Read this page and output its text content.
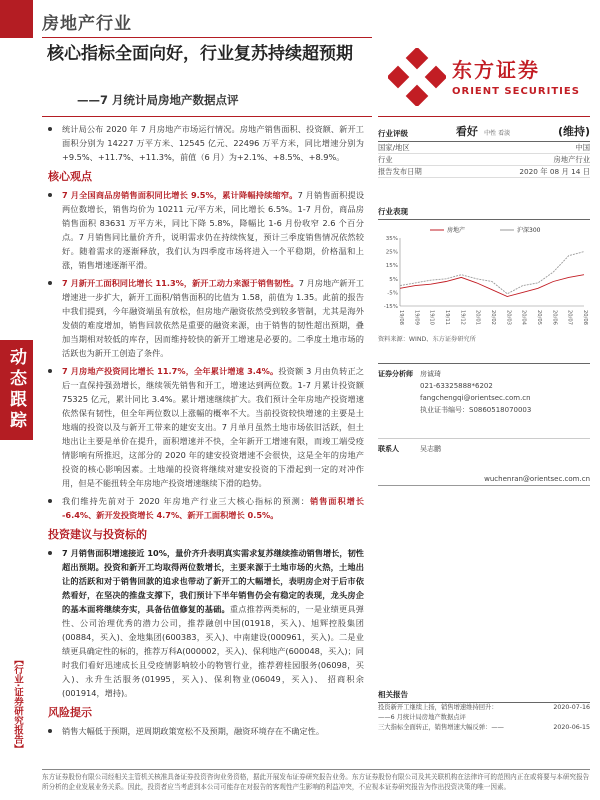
动态跟踪
【行业·证券研究报告】
房地产行业
核心指标全面向好，行业复苏持续超预期
——7 月统计局房地产数据点评
东方证券
ORIENT SECURITIES
统计局公布 2020 年 7 月房地产市场运行情况。房地产销售面积、投资额、新开工面积分别为 14227 万平方米、12545 亿元、22496 万平方米，同比增速分别为+9.5%、+11.7%、+11.3%，前值（6 月）为+2.1%、+8.5%、+8.9%。
核心观点
7 月全国商品房销售面积同比增长 9.5%，累计降幅持续缩窄。7 月销售面积提设两位数增长，销售均价为 10211 元/平方米，同比增长 6.5%。1-7 月份，商品房销售面积 83631 万平方米，同比下降 5.8%，降幅比 1-6 月份收窄 2.6 个百分点。7 月销售同比量价齐升，说明需求仍在持续恢复，预计三季度销售情况依然较好。随着需求的逐渐释放，我们认为四季度市场将进入一个平稳期，价格温和上涨，销售增速逐渐平滑。
7 月新开工面积同比增长 11.3%，新开工动力来源于销售韧性。7 月房地产新开工增速进一步扩大，新开工面积/销售面积的比值为 1.58，前值为 1.35。此前的报告中我们提到，今年融资端虽有放松，但房地产融资依然受到较多管制，尤其是海外发债的难度增加，销售回款依然是重要的融资来源，由于销售的韧性超出预期，叠加当期相对较低的库存，因而维持较快的新开工增速是必要的。二季度土地市场的活跃也为新开工创造了条件。
7 月房地产投资同比增长 11.7%，全年累计增速 3.4%。投资额 3 月由负转正之后一直保持强劲增长，继续领先销售和开工，增速达到两位数。1-7 月累计投资额 75325 亿元，累计同比 3.4%。累计增速继续扩大。我们预计全年房地产投资增速依然保有韧性，但全年两位数以上涨幅的概率不大。当前投资较快增速的主要是土地端的投资以及与新开工带来的建安支出。7 月单月虽然土地市场依旧活跃，但土地出让主要是单价在提升，面积增速并不快，全年新开工增速有限，而竣工端受疫情影响有所推迟，这部分的 2020 年的建安投资增速不会很快，这是全年的房地产投资的核心影响因素。土地端的投资将继续对建安投资的下滑起到一定的对冲作用，但是不能扭转全年房地产投资增速继续下滑的趋势。
我们维持先前对于 2020 年房地产行业三大核心指标的预测：销售面积增长 -6.4%、新开发投资增长 4.7%、新开工面积增长 0.5%。
投资建议与投资标的
7 月销售面积增速接近 10%，量价齐升表明真实需求复苏继续推动销售增长，韧性超出预期。投资和新开工均取得两位数增长，主要来源于土地市场的火热，土地出让的活跃和对于销售回款的追求也带动了新开工的大幅增长，表明房企对于后市依然看好，在坚决的推盘支撑下，我们预计下半年销售仍会有稳定的表现，龙头房企的基本面将继续夯实，具备估值修复的基础。重点推荐两类标的，一是业绩更具弹性、公司治理优秀的潜力公司，推荐融创中国(01918，买入)、旭辉控股集团(00884，买入)、金地集团(600383，买入)、中南建设(000961，买入)。二是业绩更具确定性的标的，推荐万科A(000002，买入)、保利地产(600048，买入)；同时我们看好迅速成长且受疫情影响较小的物管行业，推荐碧桂园服务(06098，买入)、永升生活服务(01995，买入)、保利物业(06049，买入)、 招商积余(001914，增持)。
风险提示
销售大幅低于预期，逆周期政策宽松不及预期，融资环境存在不确定性。
行业评级	看好 中性 看淡	(维持)
国家/地区	中国
行业	房地产行业
报告发布日期	2020 年 08 月 14 日
行业表现
-15%
-5%
5%
15%
25%
35%
19/08 19/09 19/10 19/11 19/12 20/01 20/02 20/03 20/04 20/05 20/06 20/07 20/08
房地产	沪深300
资料来源：WIND、东方证券研究所
证券分析师	房诚琦
021-63325888*6202
fangchengqi@orientsec.com.cn
执业证书编号：S0860518070003
联系人	吴志鹏
wuchenran@orientsec.com.cn
相关报告
投资新开工继续上扬，销售增速维持回升：	2020-07-16
——6 月统计局房地产数据点评
三大指标全面转正，销售增速大幅反弹：——	2020-06-15
东方证券股份有限公司经相关主管机关核准具备证券投资咨询业务资格，据此开展发布证券研究报告业务。东方证券股份有限公司及其关联机构在法律许可的范围内正在或将要与本研究报告所分析的企业发展业务关系。因此，投资者应当考虑到本公司可能存在对报告的客观性产生影响的利益冲突，不应视本证券研究报告为作出投资决策的唯一因素。
